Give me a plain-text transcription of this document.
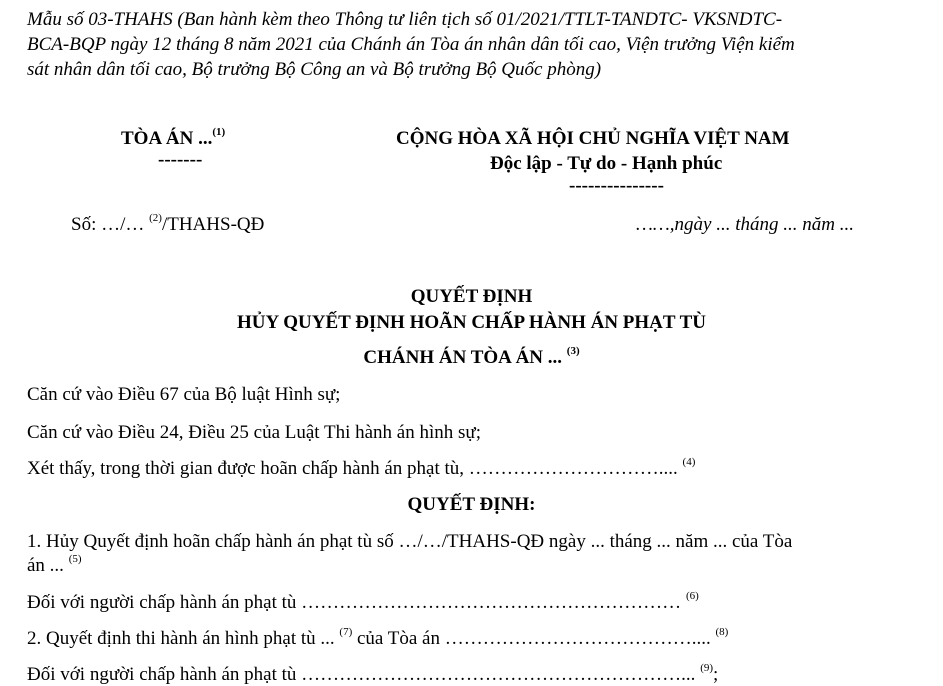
Mẫu số 03-THAHS (Ban hành kèm theo Thông tư liên tịch số 01/2021/TTLT-TANDTC- VKSNDTC-
BCA-BQP ngày 12 tháng 8 năm 2021 của Chánh án Tòa án nhân dân tối cao, Viện trưởng Viện kiểm
sát nhân dân tối cao, Bộ trưởng Bộ Công an và Bộ trưởng Bộ Quốc phòng)
TÒA ÁN ...$^{(1)}$
-------
CỘNG HÒA XÃ HỘI CHỦ NGHĨA VIỆT NAM
Độc lập - Tự do - Hạnh phúc
---------------
Số: …/… $^{(2)}$/THAHS-QĐ	……,ngày ... tháng ... năm ...
QUYẾT ĐỊNH
HỦY QUYẾT ĐỊNH HOÃN CHẤP HÀNH ÁN PHẠT TÙ
CHÁNH ÁN TÒA ÁN ... $^{(3)}$
Căn cứ vào Điều 67 của Bộ luật Hình sự;
Căn cứ vào Điều 24, Điều 25 của Luật Thi hành án hình sự;
Xét thấy, trong thời gian được hoãn chấp hành án phạt tù, ………………………….... $^{(4)}$
QUYẾT ĐỊNH:
1. Hủy Quyết định hoãn chấp hành án phạt tù số …/…/THAHS-QĐ ngày ... tháng ... năm ... của Tòa
án ... $^{(5)}$
Đối với người chấp hành án phạt tù …………………………………………………… $^{(6)}$
2. Quyết định thi hành án hình phạt tù ... $^{(7)}$ của Tòa án ………………………………….... $^{(8)}$
Đối với người chấp hành án phạt tù ……………………………………………………... $^{(9)}$;
